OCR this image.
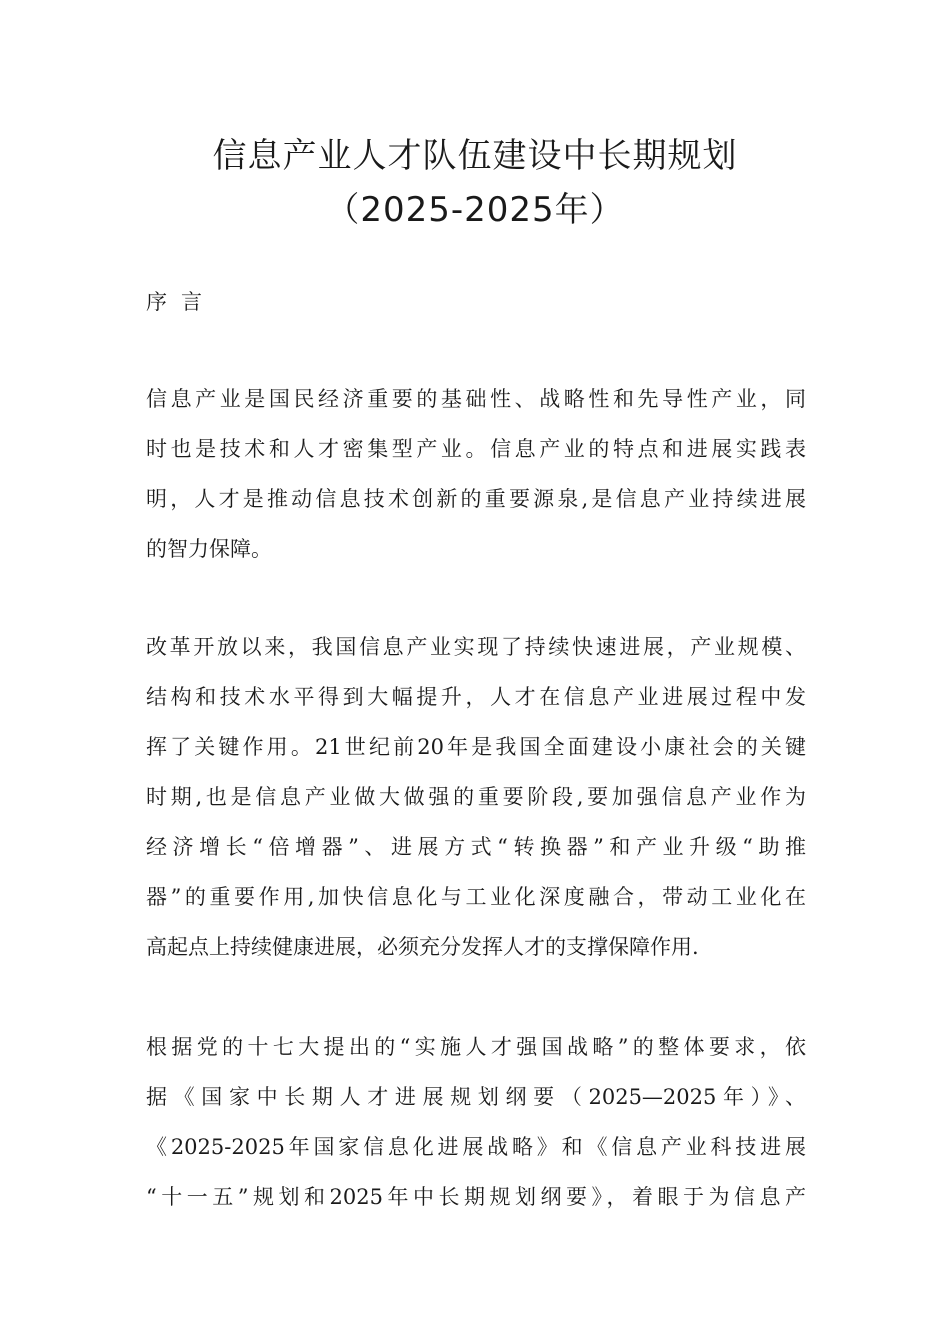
信息产业人才队伍建设中长期规划
（2025-2025年）
序言
信息产业是国民经济重要的基础性、战略性和先导性产业，同
时也是技术和人才密集型产业。信息产业的特点和进展实践表
明，人才是推动信息技术创新的重要源泉,是信息产业持续进展
的智力保障。
改革开放以来，我国信息产业实现了持续快速进展，产业规模、
结构和技术水平得到大幅提升，人才在信息产业进展过程中发
挥了关键作用。21世纪前20年是我国全面建设小康社会的关键
时期,也是信息产业做大做强的重要阶段,要加强信息产业作为
经济增长“倍增器”、进展方式“转换器”和产业升级“助推
器”的重要作用,加快信息化与工业化深度融合，带动工业化在
高起点上持续健康进展，必须充分发挥人才的支撑保障作用.
根据党的十七大提出的“实施人才强国战略”的整体要求，依
据《国家中长期人才进展规划纲要（2025—2025年）》、
《2025-2025年国家信息化进展战略》和《信息产业科技进展
“十一五”规划和2025年中长期规划纲要》，着眼于为信息产
